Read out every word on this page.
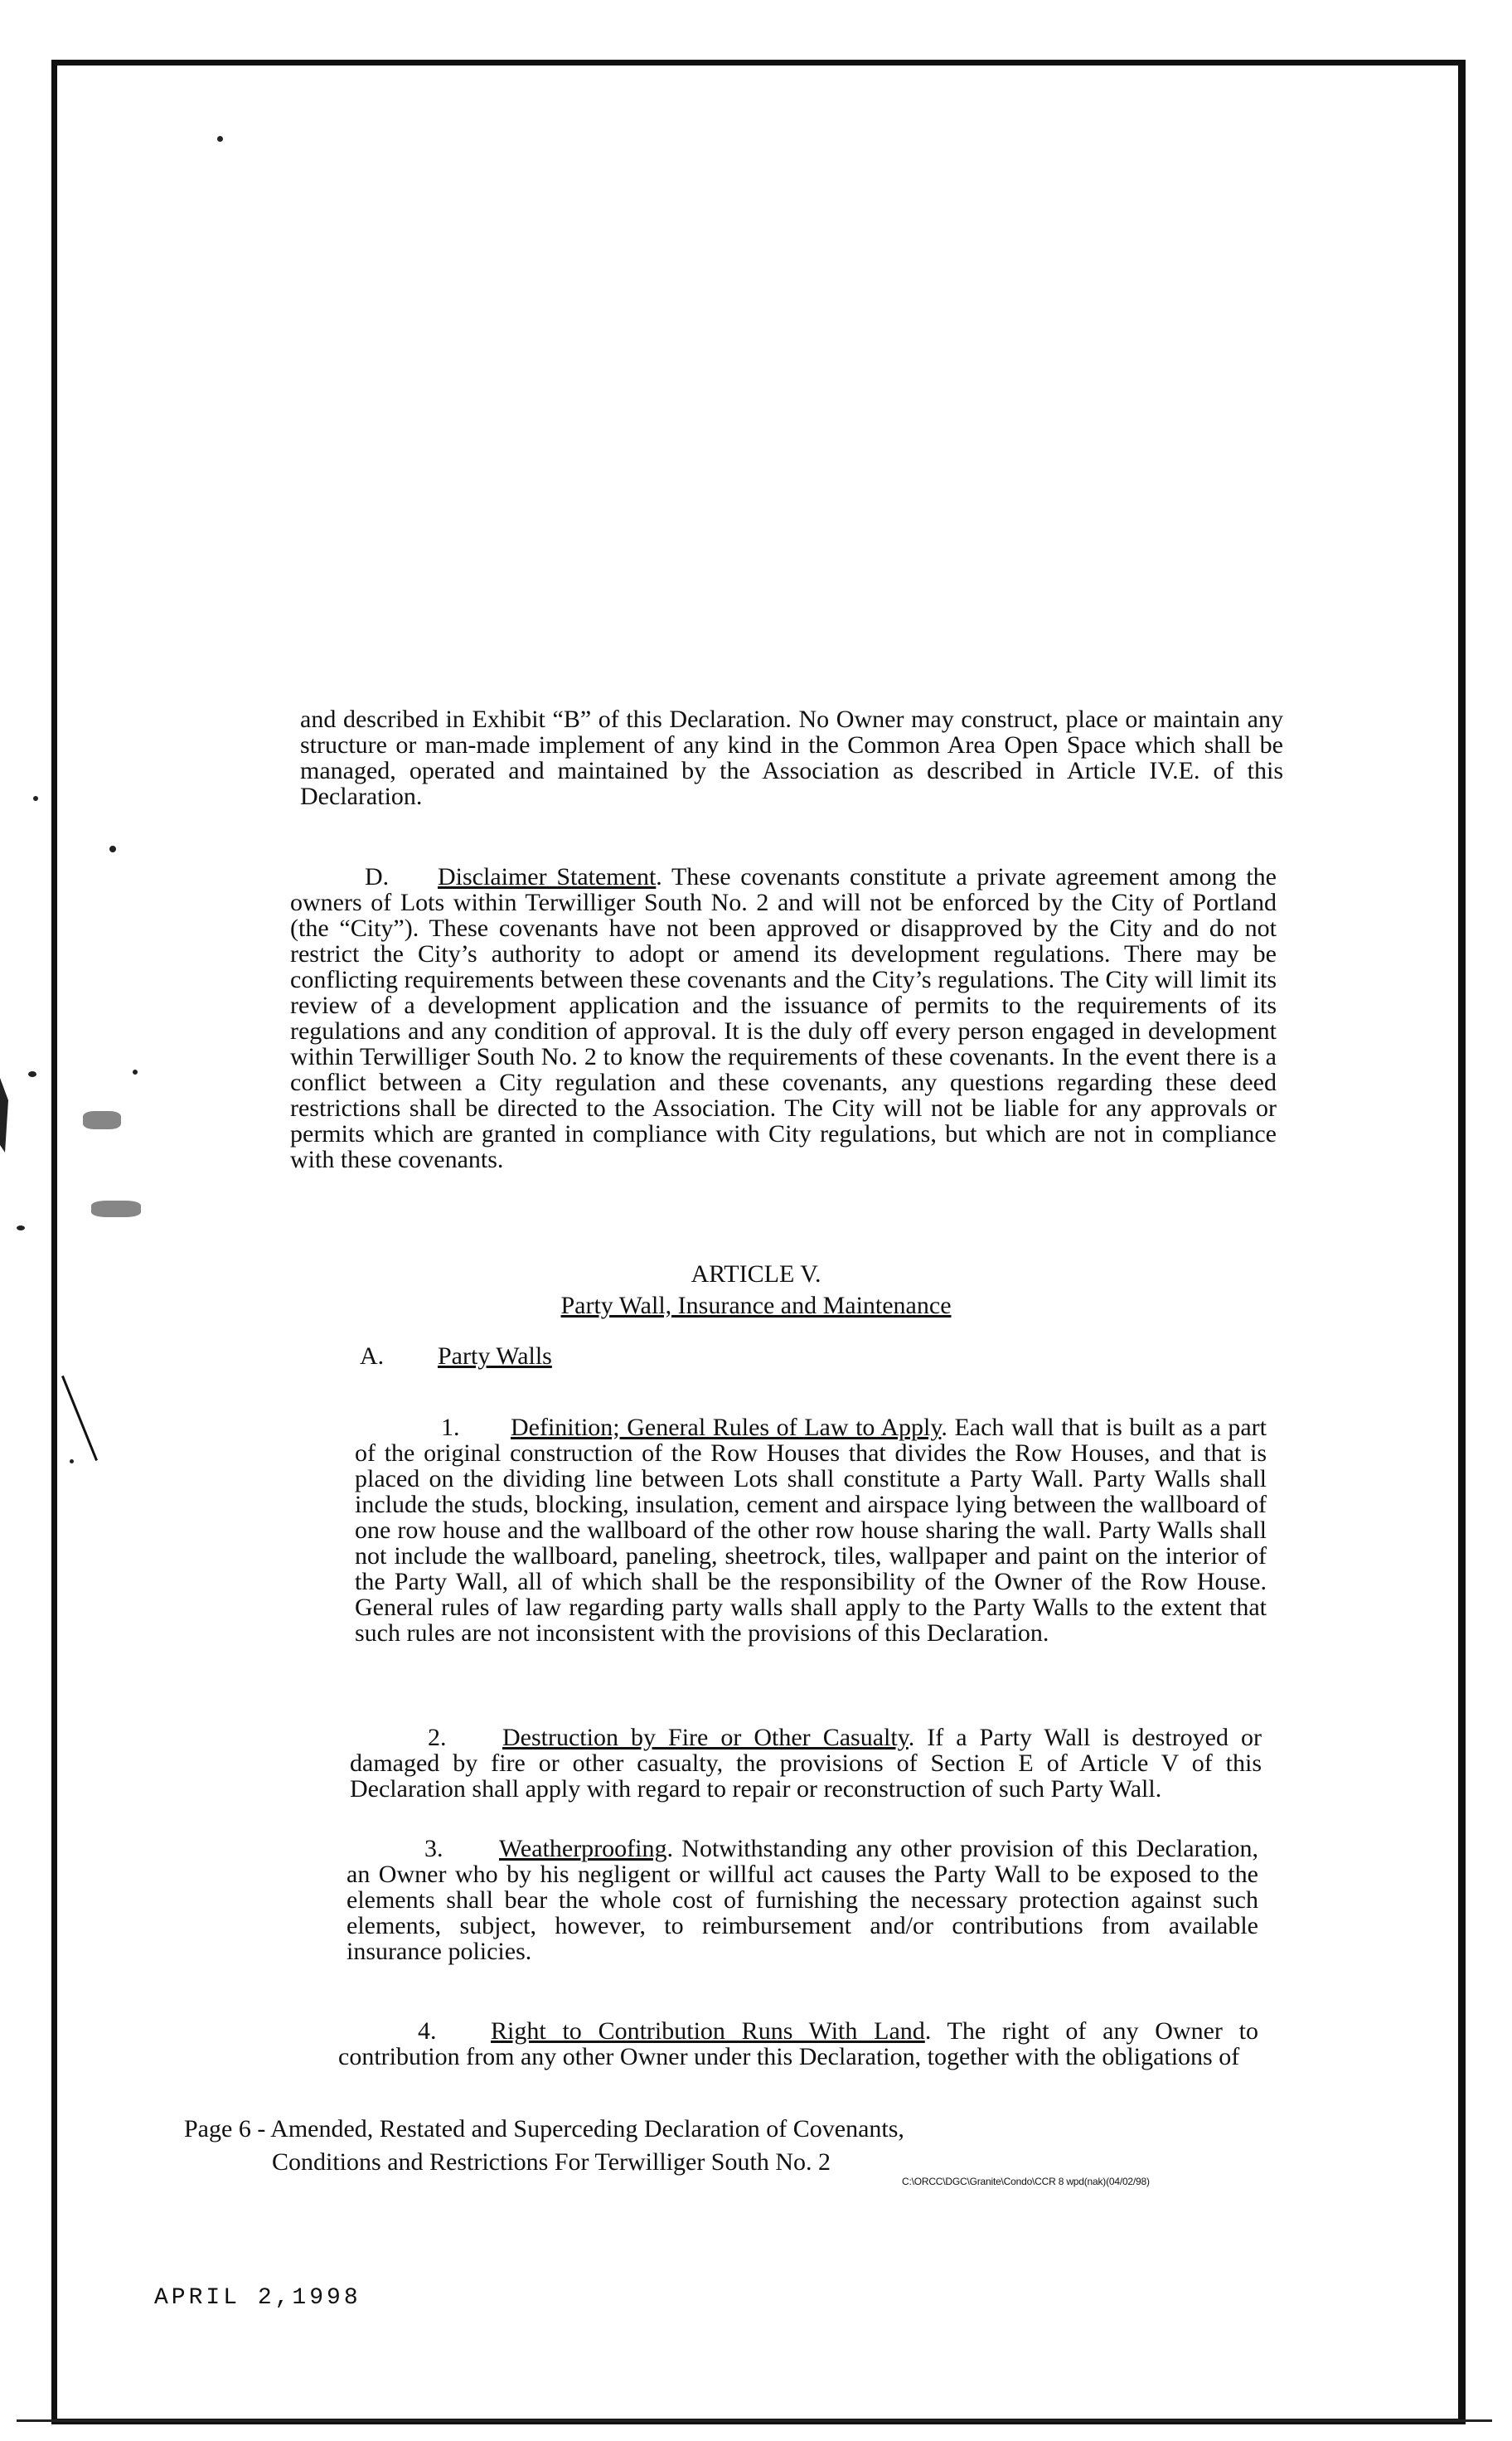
and described in Exhibit “B” of this Declaration. No Owner may construct, place or maintain any structure or man-made implement of any kind in the Common Area Open Space which shall be managed, operated and maintained by the Association as described in Article IV.E. of this Declaration.

D. Disclaimer Statement. These covenants constitute a private agreement among the owners of Lots within Terwilliger South No. 2 and will not be enforced by the City of Portland (the “City”). These covenants have not been approved or disapproved by the City and do not restrict the City’s authority to adopt or amend its development regulations. There may be conflicting requirements between these covenants and the City’s regulations. The City will limit its review of a development application and the issuance of permits to the requirements of its regulations and any condition of approval. It is the duly off every person engaged in development within Terwilliger South No. 2 to know the requirements of these covenants. In the event there is a conflict between a City regulation and these covenants, any questions regarding these deed restrictions shall be directed to the Association. The City will not be liable for any approvals or permits which are granted in compliance with City regulations, but which are not in compliance with these covenants.

ARTICLE V.
Party Wall, Insurance and Maintenance
A. Party Walls

1. Definition; General Rules of Law to Apply. Each wall that is built as a part of the original construction of the Row Houses that divides the Row Houses, and that is placed on the dividing line between Lots shall constitute a Party Wall. Party Walls shall include the studs, blocking, insulation, cement and airspace lying between the wallboard of one row house and the wallboard of the other row house sharing the wall. Party Walls shall not include the wallboard, paneling, sheetrock, tiles, wallpaper and paint on the interior of the Party Wall, all of which shall be the responsibility of the Owner of the Row House. General rules of law regarding party walls shall apply to the Party Walls to the extent that such rules are not inconsistent with the provisions of this Declaration.

2. Destruction by Fire or Other Casualty. If a Party Wall is destroyed or damaged by fire or other casualty, the provisions of Section E of Article V of this Declaration shall apply with regard to repair or reconstruction of such Party Wall.

3. Weatherproofing. Notwithstanding any other provision of this Declaration, an Owner who by his negligent or willful act causes the Party Wall to be exposed to the elements shall bear the whole cost of furnishing the necessary protection against such elements, subject, however, to reimbursement and/or contributions from available insurance policies.

4. Right to Contribution Runs With Land. The right of any Owner to contribution from any other Owner under this Declaration, together with the obligations of

Page 6 - Amended, Restated and Superceding Declaration of Covenants,
Conditions and Restrictions For Terwilliger South No. 2
C:\ORCC\DGC\Granite\Condo\CCR 8 wpd(nak)(04/02/98)
APRIL 2,1998
